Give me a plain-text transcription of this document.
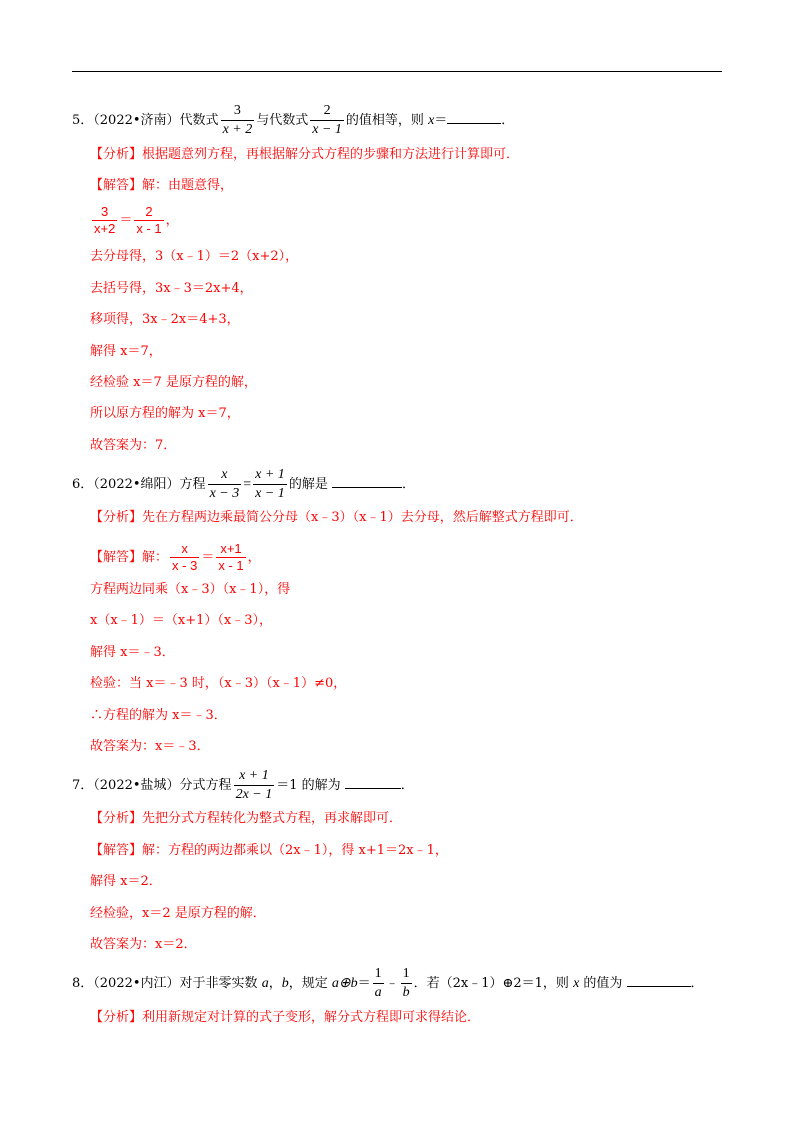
5．（2022•济南）代数式 $\frac{3}{x + 2}$ 与代数式 $\frac{2}{x - 1}$ 的值相等，则 x＝	．
【分析】根据题意列方程，再根据解分式方程的步骤和方法进行计算即可．
【解答】解：由题意得，
$\frac{3}{x+2} = \frac{2}{x - 1}$ ，
去分母得，3（x﹣1）＝2（x+2），
去括号得，3x﹣3＝2x+4，
移项得，3x﹣2x＝4+3，
解得 x＝7，
经检验 x＝7 是原方程的解，
所以原方程的解为 x＝7，
故答案为：7．
6．（2022•绵阳）方程 $\frac{x}{x - 3} = \frac{x + 1}{x - 1}$ 的解是	．
【分析】先在方程两边乘最简公分母（x﹣3）（x﹣1）去分母，然后解整式方程即可．
【解答】解： $\frac{x}{x - 3} = \frac{x+1}{x - 1}$ ，
方程两边同乘（x﹣3）（x﹣1），得
x（x﹣1）＝（x+1）（x﹣3），
解得 x＝﹣3．
检验：当 x＝﹣3 时，（x﹣3）（x﹣1）≠0，
∴方程的解为 x＝﹣3．
故答案为：x＝﹣3．
7．（2022•盐城）分式方程 $\frac{x + 1}{2x - 1} =1$ 的解为	．
【分析】先把分式方程转化为整式方程，再求解即可．
【解答】解：方程的两边都乘以（2x﹣1），得 x+1＝2x﹣1，
解得 x＝2．
经检验，x＝2 是原方程的解．
故答案为：x＝2．
8．（2022•内江）对于非零实数 a，b，规定 a⊕b＝ $\frac{1}{a}$ ﹣ $\frac{1}{b}$ ．若（2x﹣1）⊕2＝1，则 x 的值为	．
【分析】利用新规定对计算的式子变形，解分式方程即可求得结论．
